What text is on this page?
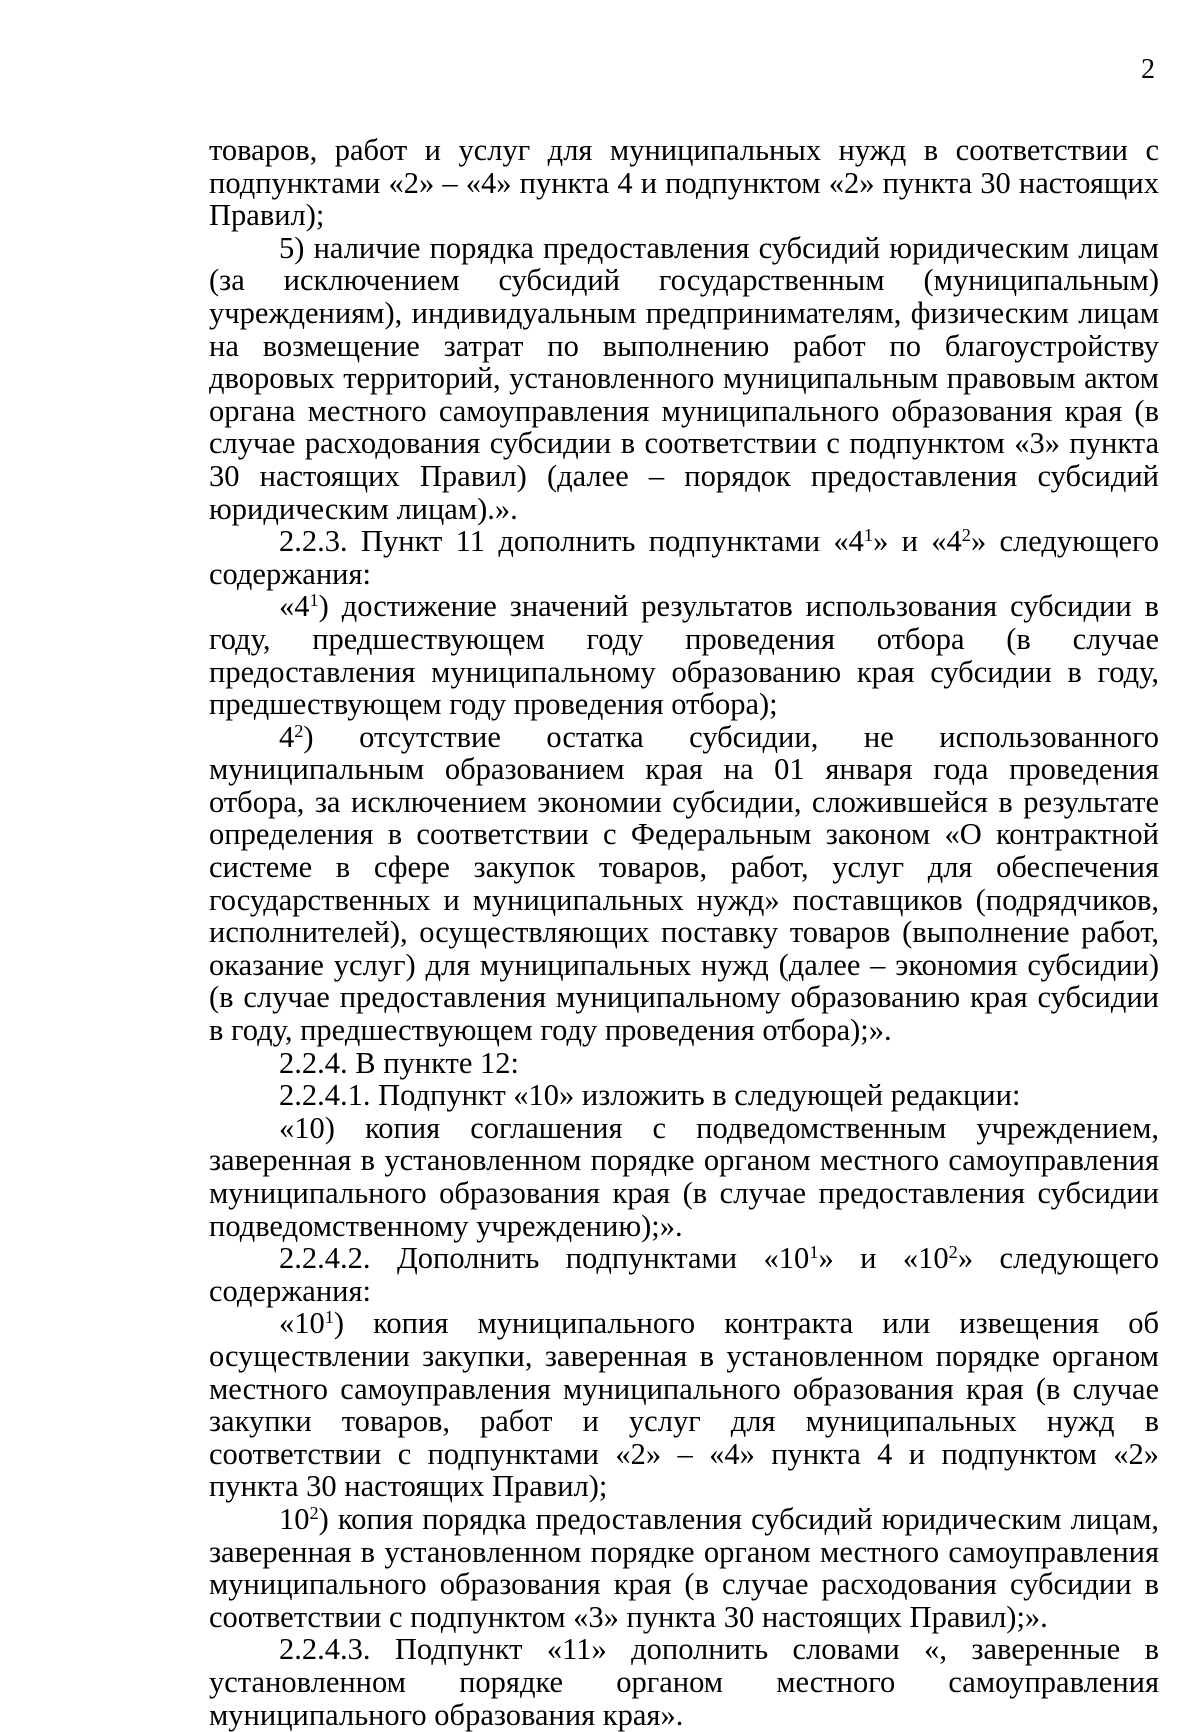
2

товаров, работ и услуг для муниципальных нужд в соответствии с подпунктами «2» – «4» пункта 4 и подпунктом «2» пункта 30 настоящих Правил);

5) наличие порядка предоставления субсидий юридическим лицам (за исключением субсидий государственным (муниципальным) учреждениям), индивидуальным предпринимателям, физическим лицам на возмещение затрат по выполнению работ по благоустройству дворовых территорий, установленного муниципальным правовым актом органа местного самоуправления муниципального образования края (в случае расходования субсидии в соответствии с подпунктом «3» пункта 30 настоящих Правил) (далее – порядок предоставления субсидий юридическим лицам).».

2.2.3. Пункт 11 дополнить подпунктами «$4^1$» и «$4^2$» следующего содержания:

«$4^1$) достижение значений результатов использования субсидии в году, предшествующем году проведения отбора (в случае предоставления муниципальному образованию края субсидии в году, предшествующем году проведения отбора);

$4^2$) отсутствие остатка субсидии, не использованного муниципальным образованием края на 01 января года проведения отбора, за исключением экономии субсидии, сложившейся в результате определения в соответствии с Федеральным законом «О контрактной системе в сфере закупок товаров, работ, услуг для обеспечения государственных и муниципальных нужд» поставщиков (подрядчиков, исполнителей), осуществляющих поставку товаров (выполнение работ, оказание услуг) для муниципальных нужд (далее – экономия субсидии) (в случае предоставления муниципальному образованию края субсидии в году, предшествующем году проведения отбора);».

2.2.4. В пункте 12:

2.2.4.1. Подпункт «10» изложить в следующей редакции:

«10) копия соглашения с подведомственным учреждением, заверенная в установленном порядке органом местного самоуправления муниципального образования края (в случае предоставления субсидии подведомственному учреждению);».

2.2.4.2. Дополнить подпунктами «$10^1$» и «$10^2$» следующего содержания:

«$10^1$) копия муниципального контракта или извещения об осуществлении закупки, заверенная в установленном порядке органом местного самоуправления муниципального образования края (в случае закупки товаров, работ и услуг для муниципальных нужд в соответствии с подпунктами «2» – «4» пункта 4 и подпунктом «2» пункта 30 настоящих Правил);

$10^2$) копия порядка предоставления субсидий юридическим лицам, заверенная в установленном порядке органом местного самоуправления муниципального образования края (в случае расходования субсидии в соответствии с подпунктом «3» пункта 30 настоящих Правил);».

2.2.4.3. Подпункт «11» дополнить словами «, заверенные в установленном порядке органом местного самоуправления муниципального образования края».
